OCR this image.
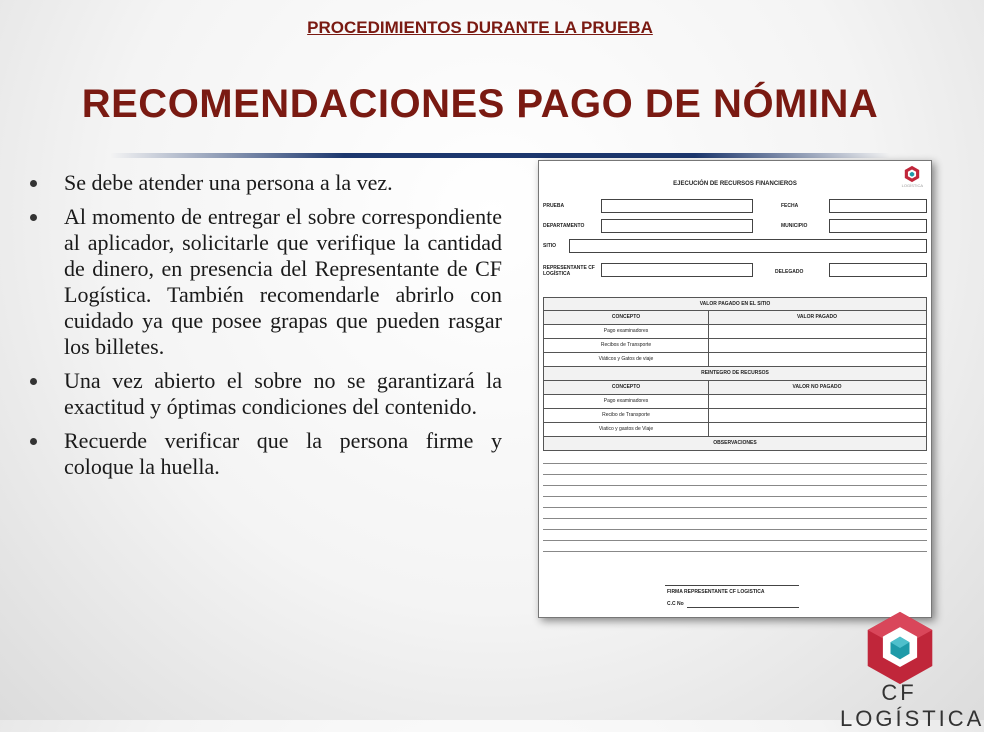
PROCEDIMIENTOS DURANTE LA PRUEBA
RECOMENDACIONES PAGO DE NÓMINA
Se debe atender una persona a la vez.
Al momento de entregar el sobre correspondiente al aplicador, solicitarle que verifique la cantidad de dinero, en presencia del Representante de CF Logística. También recomendarle abrirlo con cuidado ya que posee grapas que pueden rasgar los billetes.
Una vez abierto el sobre no se garantizará la exactitud y óptimas condiciones del contenido.
Recuerde verificar que la persona firme y coloque la huella.
EJECUCIÓN DE RECURSOS FINANCIEROS	LOGÍSTICA
PRUEBA	FECHA
DEPARTAMENTO	MUNICIPIO
SITIO
REPRESENTANTE CF LOGÍSTICA	DELEGADO
VALOR PAGADO EN EL SITIO
CONCEPTO	VALOR PAGADO
Pago examinadores
Recibos de Transporte
Viáticos y Gatos de viaje
REINTEGRO DE RECURSOS
CONCEPTO	VALOR NO PAGADO
Pago examinadores
Recibo de Transporte
Viatico y gastos de Viaje
OBSERVACIONES
FIRMA REPRESENTANTE CF LOGISTICA
C.C No
CF LOGÍSTICA
